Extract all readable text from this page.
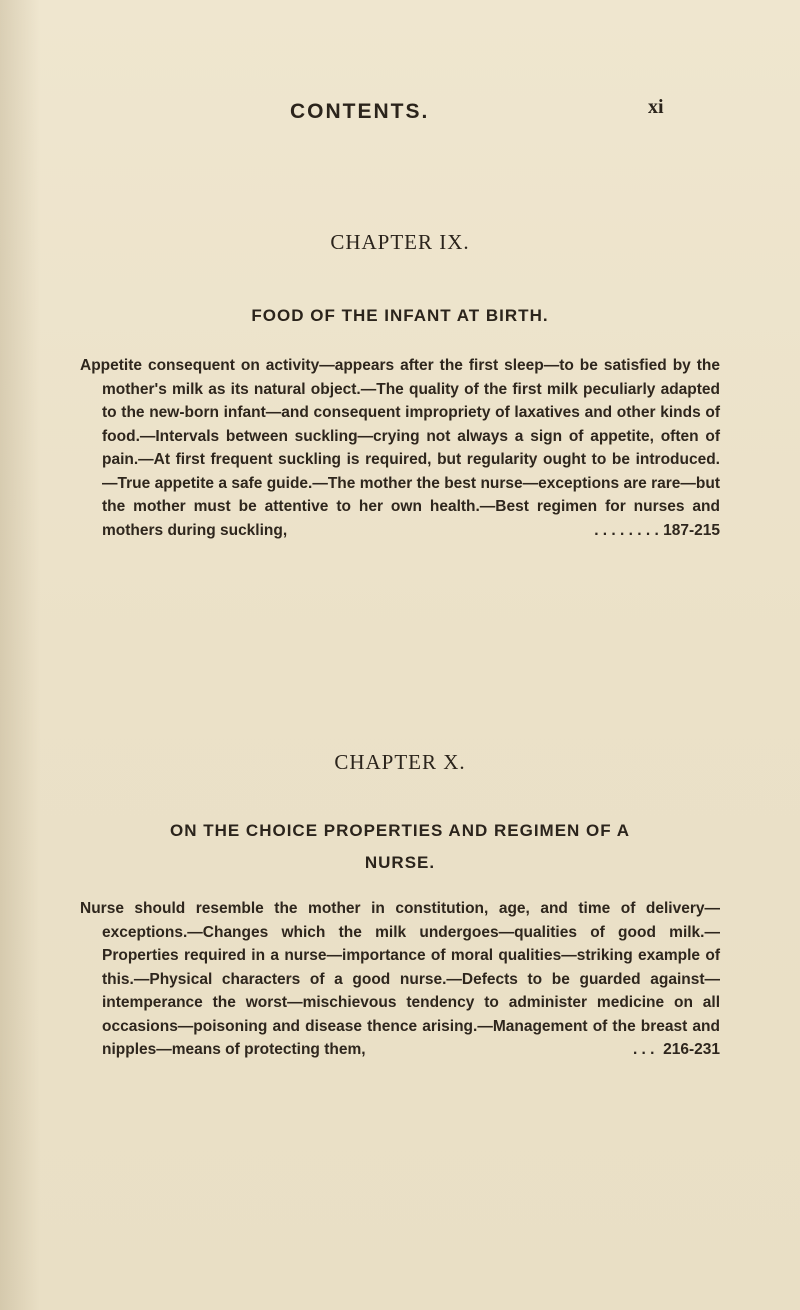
CONTENTS.	xi
CHAPTER IX.
FOOD OF THE INFANT AT BIRTH.

Appetite consequent on activity—appears after the first sleep—to be satisfied by the mother's milk as its natural object.—The quality of the first milk peculiarly adapted to the new-born infant—and consequent impropriety of laxatives and other kinds of food.—Intervals between suckling—crying not always a sign of appetite, often of pain.—At first frequent suckling is required, but regularity ought to be introduced.—True appetite a safe guide.—The mother the best nurse—exceptions are rare—but the mother must be attentive to her own health.—Best regimen for nurses and mothers during suckling,	. . . . . . . . 187-215

CHAPTER X.
ON THE CHOICE PROPERTIES AND REGIMEN OF A NURSE.

Nurse should resemble the mother in constitution, age, and time of delivery—exceptions.—Changes which the milk undergoes—qualities of good milk.—Properties required in a nurse—importance of moral qualities—striking example of this.—Physical characters of a good nurse.—Defects to be guarded against—intemperance the worst—mischievous tendency to administer medicine on all occasions—poisoning and disease thence arising.—Management of the breast and nipples—means of protecting them,	. . . 216-231
